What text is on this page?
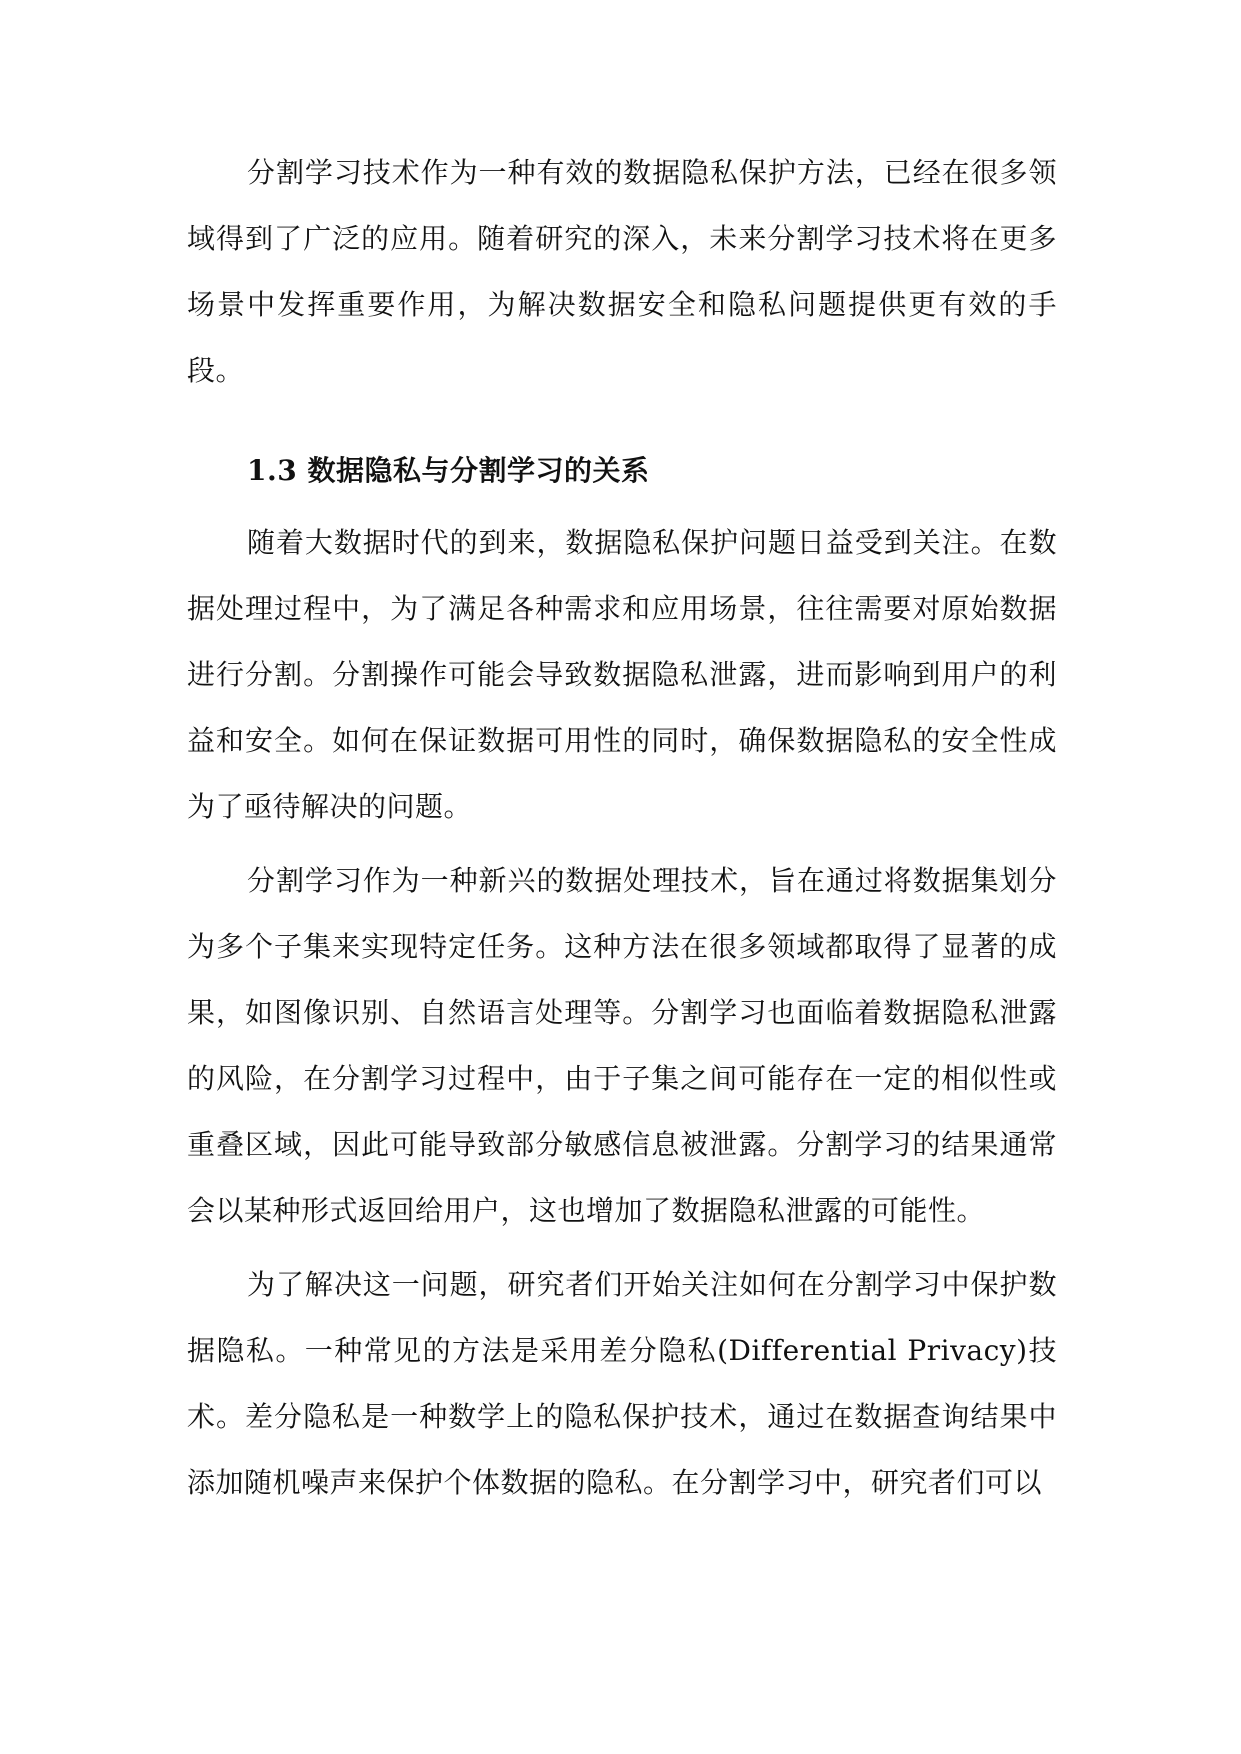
分割学习技术作为一种有效的数据隐私保护方法，已经在很多领域得到了广泛的应用。随着研究的深入，未来分割学习技术将在更多场景中发挥重要作用，为解决数据安全和隐私问题提供更有效的手段。

1.3 数据隐私与分割学习的关系

随着大数据时代的到来，数据隐私保护问题日益受到关注。在数据处理过程中，为了满足各种需求和应用场景，往往需要对原始数据进行分割。分割操作可能会导致数据隐私泄露，进而影响到用户的利益和安全。如何在保证数据可用性的同时，确保数据隐私的安全性成为了亟待解决的问题。

分割学习作为一种新兴的数据处理技术，旨在通过将数据集划分为多个子集来实现特定任务。这种方法在很多领域都取得了显著的成果，如图像识别、自然语言处理等。分割学习也面临着数据隐私泄露的风险，在分割学习过程中，由于子集之间可能存在一定的相似性或重叠区域，因此可能导致部分敏感信息被泄露。分割学习的结果通常会以某种形式返回给用户，这也增加了数据隐私泄露的可能性。

为了解决这一问题，研究者们开始关注如何在分割学习中保护数据隐私。一种常见的方法是采用差分隐私(Differential Privacy)技术。差分隐私是一种数学上的隐私保护技术，通过在数据查询结果中添加随机噪声来保护个体数据的隐私。在分割学习中，研究者们可以
